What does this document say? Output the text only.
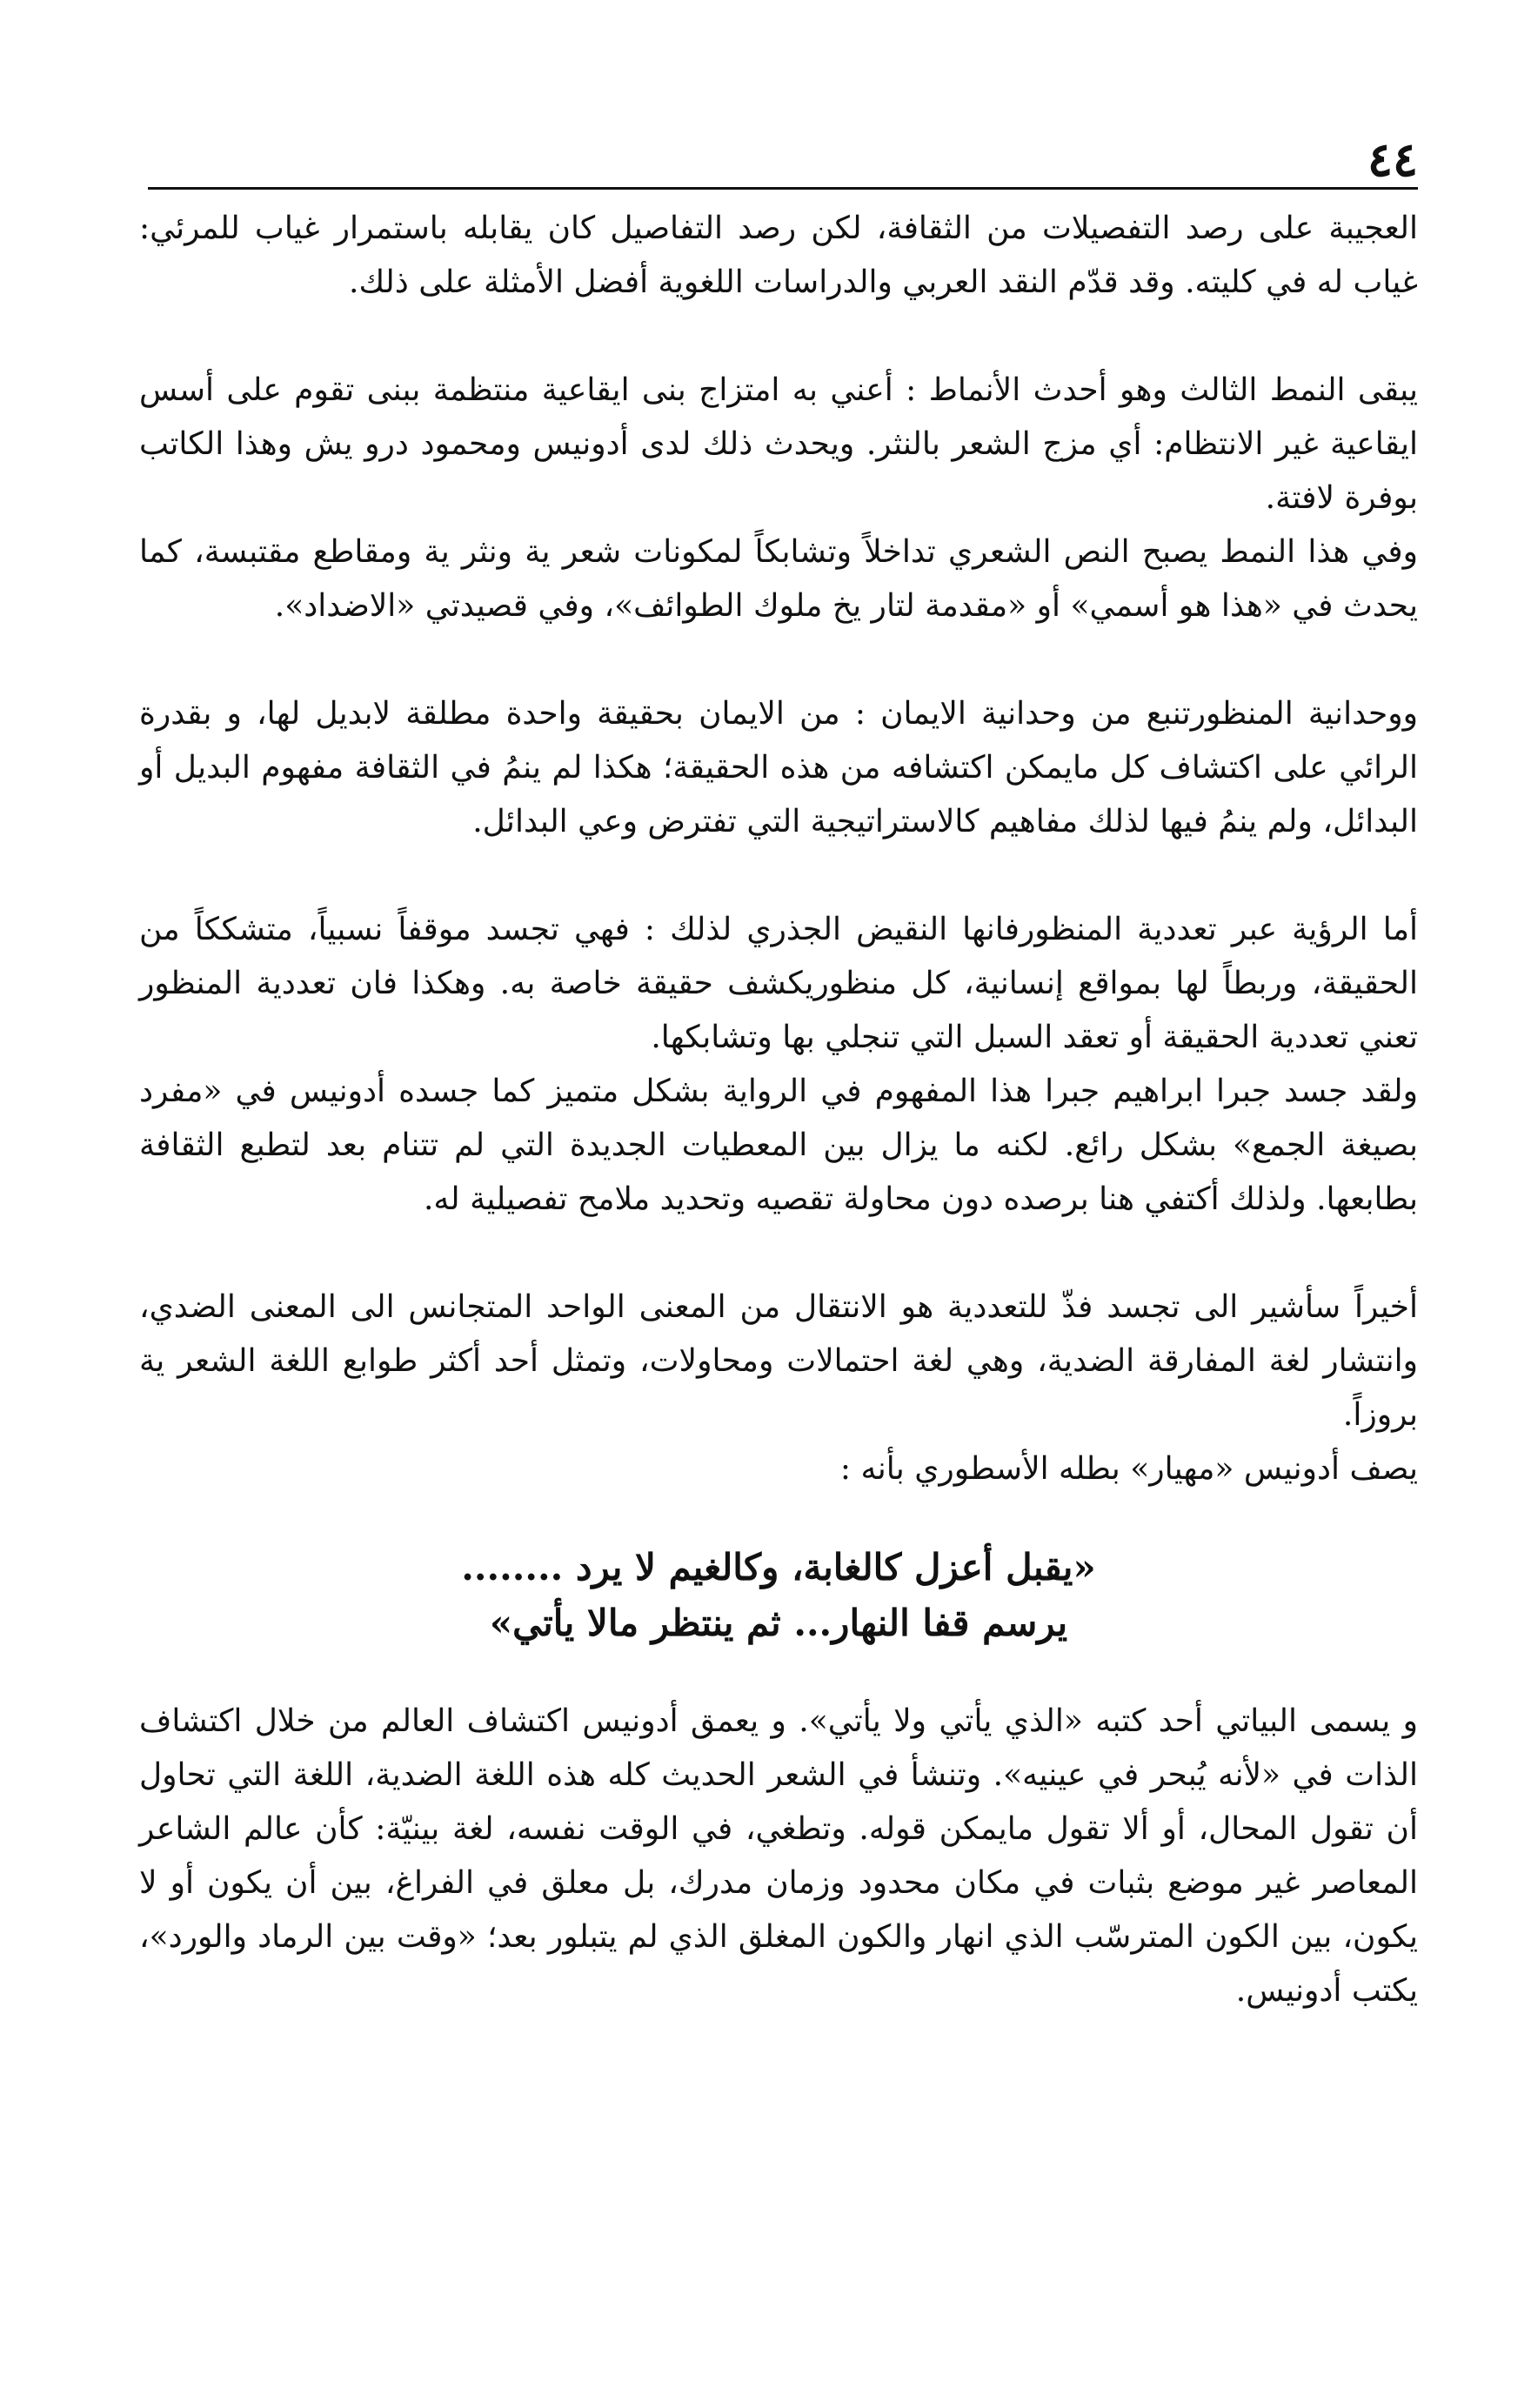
٤٤

العجيبة على رصد التفصيلات من الثقافة، لكن رصد التفاصيل كان يقابله باستمرار غياب للمرئي: غياب له في كليته. وقد قدّم النقد العربي والدراسات اللغوية أفضل الأمثلة على ذلك.

يبقى النمط الثالث وهو أحدث الأنماط : أعني به امتزاج بنى ايقاعية منتظمة ببنى تقوم على أسس ايقاعية غير الانتظام: أي مزج الشعر بالنثر. ويحدث ذلك لدى أدونيس ومحمود درو يش وهذا الكاتب بوفرة لافتة.

وفي هذا النمط يصبح النص الشعري تداخلاً وتشابكاً لمكونات شعر ية ونثر ية ومقاطع مقتبسة، كما يحدث في «هذا هو أسمي» أو «مقدمة لتار يخ ملوك الطوائف»، وفي قصيدتي «الاضداد».

ووحدانية المنظورتنبع من وحدانية الايمان : من الايمان بحقيقة واحدة مطلقة لابديل لها، و بقدرة الرائي على اكتشاف كل مايمكن اكتشافه من هذه الحقيقة؛ هكذا لم ينمُ في الثقافة مفهوم البديل أو البدائل، ولم ينمُ فيها لذلك مفاهيم كالاستراتيجية التي تفترض وعي البدائل.

أما الرؤية عبر تعددية المنظورفانها النقيض الجذري لذلك : فهي تجسد موقفاً نسبياً، متشككاً من الحقيقة، وربطاً لها بمواقع إنسانية، كل منظوريكشف حقيقة خاصة به. وهكذا فان تعددية المنظور تعني تعددية الحقيقة أو تعقد السبل التي تنجلي بها وتشابكها.

ولقد جسد جبرا ابراهيم جبرا هذا المفهوم في الرواية بشكل متميز كما جسده أدونيس في «مفرد بصيغة الجمع» بشكل رائع. لكنه ما يزال بين المعطيات الجديدة التي لم تتنام بعد لتطبع الثقافة بطابعها. ولذلك أكتفي هنا برصده دون محاولة تقصيه وتحديد ملامح تفصيلية له.

أخيراً سأشير الى تجسد فذّ للتعددية هو الانتقال من المعنى الواحد المتجانس الى المعنى الضدي، وانتشار لغة المفارقة الضدية، وهي لغة احتمالات ومحاولات، وتمثل أحد أكثر طوابع اللغة الشعر ية بروزاً.

يصف أدونيس «مهيار» بطله الأسطوري بأنه :

«يقبل أعزل كالغابة، وكالغيم لا يرد ........
يرسم قفا النهار... ثم ينتظر مالا يأتي»

و يسمى البياتي أحد كتبه «الذي يأتي ولا يأتي». و يعمق أدونيس اكتشاف العالم من خلال اكتشاف الذات في «لأنه يُبحر في عينيه». وتنشأ في الشعر الحديث كله هذه اللغة الضدية، اللغة التي تحاول أن تقول المحال، أو ألا تقول مايمكن قوله. وتطغي، في الوقت نفسه، لغة بينيّة: كأن عالم الشاعر المعاصر غير موضع بثبات في مكان محدود وزمان مدرك، بل معلق في الفراغ، بين أن يكون أو لا يكون، بين الكون المترسّب الذي انهار والكون المغلق الذي لم يتبلور بعد؛ «وقت بين الرماد والورد»، يكتب أدونيس.
